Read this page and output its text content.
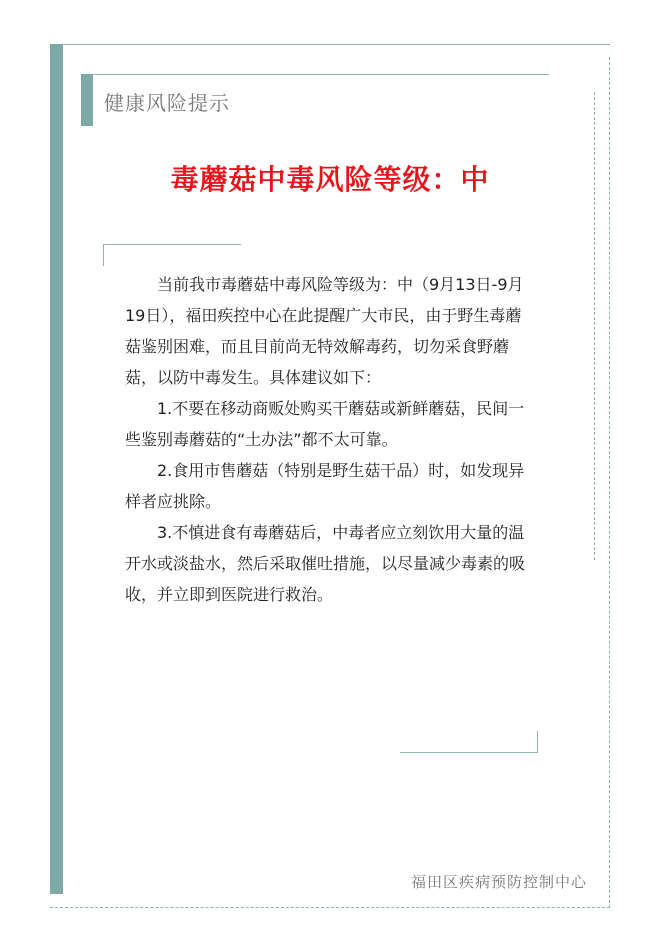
健康风险提示
毒蘑菇中毒风险等级：中

当前我市毒蘑菇中毒风险等级为：中（9月13日-9月19日），福田疾控中心在此提醒广大市民，由于野生毒蘑菇鉴别困难，而且目前尚无特效解毒药，切勿采食野蘑菇，以防中毒发生。具体建议如下：

1.不要在移动商贩处购买干蘑菇或新鲜蘑菇，民间一些鉴别毒蘑菇的“土办法”都不太可靠。

2.食用市售蘑菇（特别是野生菇干品）时，如发现异样者应挑除。

3.不慎进食有毒蘑菇后，中毒者应立刻饮用大量的温开水或淡盐水，然后采取催吐措施，以尽量减少毒素的吸收，并立即到医院进行救治。

福田区疾病预防控制中心
